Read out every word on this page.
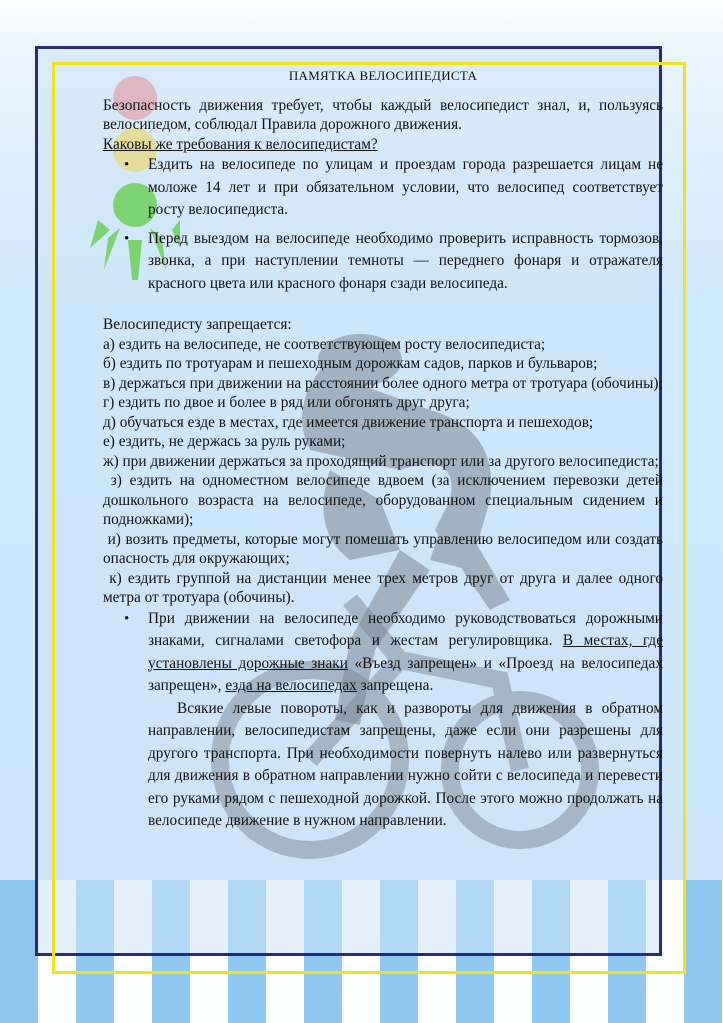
ПАМЯТКА ВЕЛОСИПЕДИСТА

Безопасность движения требует, чтобы каждый велосипедист знал, и, пользуясь велосипедом, соблюдал Правила дорожного движения.

Каковы же требования к велосипедистам?

• Ездить на велосипеде по улицам и проездам города разрешается лицам не моложе 14 лет и при обязательном условии, что велосипед соответствует росту велосипедиста.
• Перед выездом на велосипеде необходимо проверить исправность тормозов, звонка, а при наступлении темноты — переднего фонаря и отражателя красного цвета или красного фонаря сзади велосипеда.

Велосипедисту запрещается:

а) ездить на велосипеде, не соответствующем росту велосипедиста;

б) ездить по тротуарам и пешеходным дорожкам садов, парков и бульваров;

в) держаться при движении на расстоянии более одного метра от тротуара (обочины);

г) ездить по двое и более в ряд или обгонять друг друга;

д) обучаться езде в местах, где имеется движение транспорта и пешеходов;

е) ездить, не держась за руль руками;

ж) при движении держаться за проходящий транспорт или за другого велосипедиста;

з) ездить на одноместном велосипеде вдвоем (за исключением перевозки детей дошкольного возраста на велосипеде, оборудованном специальным сидением и подножками);

и) возить предметы, которые могут помешать управлению велосипедом или создать опасность для окружающих;

к) ездить группой на дистанции менее трех метров друг от друга и далее одного метра от тротуара (обочины).

• При движении на велосипеде необходимо руководствоваться дорожными знаками, сигналами светофора и жестам регулировщика. В местах, где установлены дорожные знаки «Въезд запрещен» и «Проезд на велосипедах запрещен», езда на велосипедах запрещена.
Всякие левые повороты, как и развороты для движения в обратном направлении, велосипедистам запрещены, даже если они разрешены для другого транспорта. При необходимости повернуть налево или развернуться для движения в обратном направлении нужно сойти с велосипеда и перевести его руками рядом с пешеходной дорожкой. После этого можно продолжать на велосипеде движение в нужном направлении.
